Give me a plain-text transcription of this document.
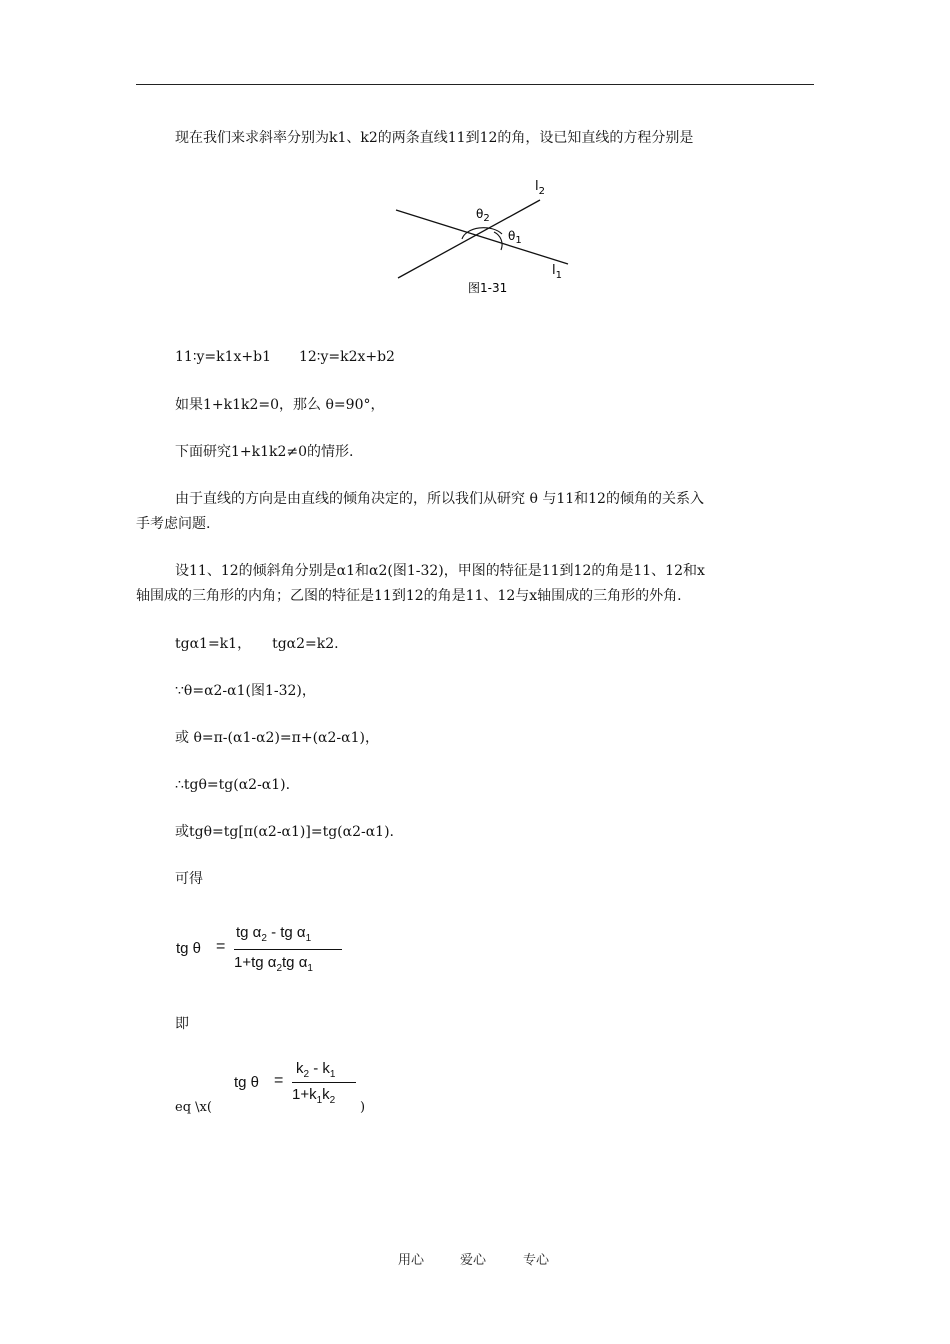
现在我们来求斜率分别为k1、k2的两条直线11到12的角，设已知直线的方程分别是
$l_2$
$l_1$
$\theta_2$
$\theta_1$
图1-31
11∶y=k1x+b1　　12∶y=k2x+b2
如果1+k1k2=0，那么 θ=90°，
下面研究1+k1k2≠0的情形.
由于直线的方向是由直线的倾角决定的，所以我们从研究 θ 与11和12的倾角的关系入
手考虑问题.
设11、12的倾斜角分别是α1和α2(图1-32)，甲图的特征是11到12的角是11、12和x
轴围成的三角形的内角；乙图的特征是11到12的角是11、12与x轴围成的三角形的外角.
tgα1=k1，　　tgα2=k2.
∵θ=α2-α1(图1-32)，
或 θ=π-(α1-α2)=π+(α2-α1)，
∴tgθ=tg(α2-α1).
或tgθ=tg[π(α2-α1)]=tg(α2-α1).
可得
tg θ =
tg $\alpha_2$ - tg $\alpha_1$
1+tg $\alpha_2tg$ $\alpha_1$
即
tg θ =
$k_2 - k_1$
$1+k_1k_2$
eq \x(	)
用心	爱心	专心
